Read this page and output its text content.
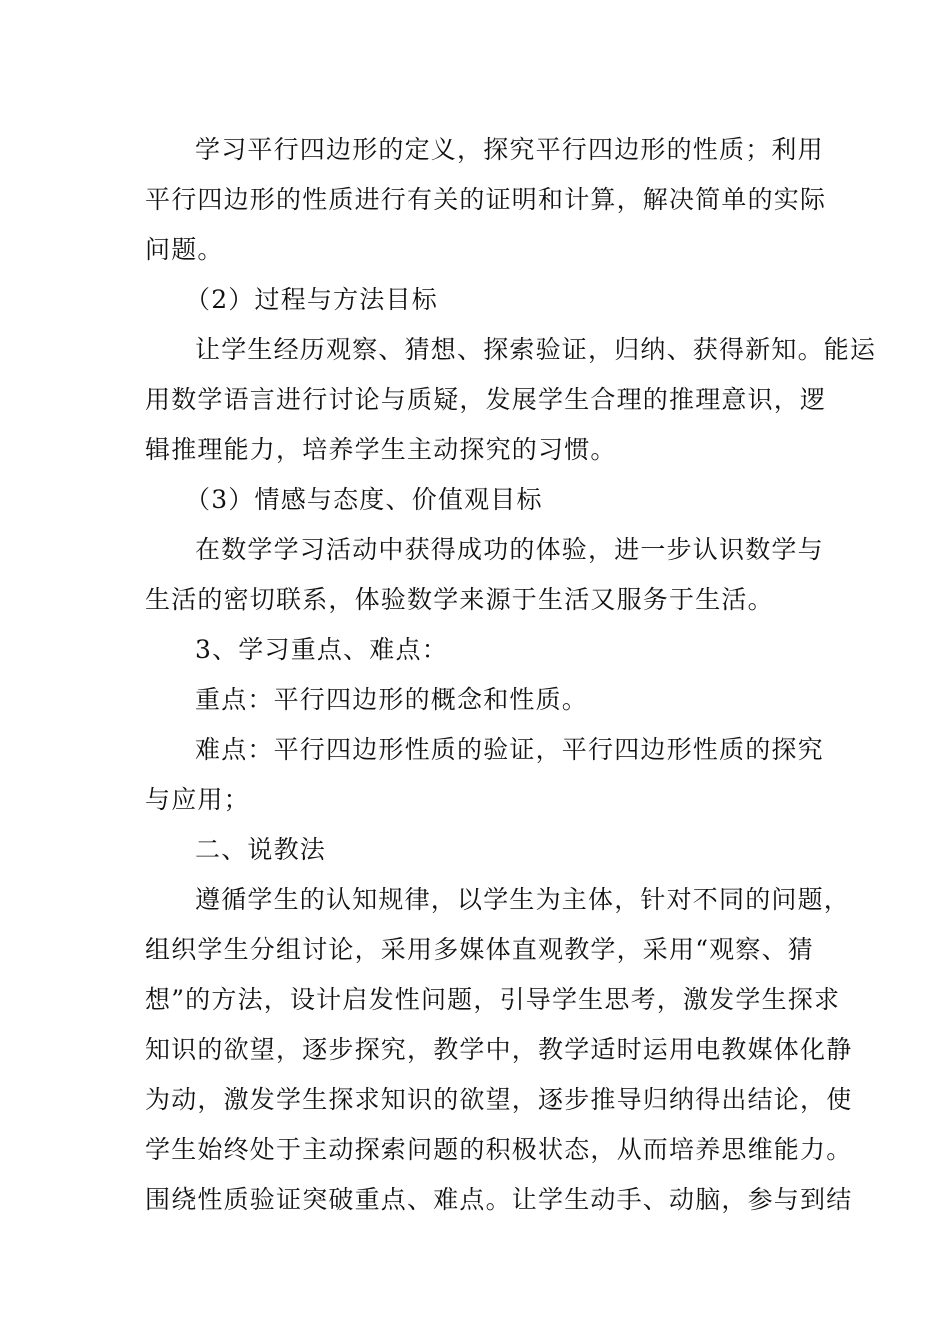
学习平行四边形的定义，探究平行四边形的性质；利用
平行四边形的性质进行有关的证明和计算，解决简单的实际
问题。
（2）过程与方法目标
让学生经历观察、猜想、探索验证，归纳、获得新知。能运
用数学语言进行讨论与质疑，发展学生合理的推理意识，逻
辑推理能力，培养学生主动探究的习惯。
（3）情感与态度、价值观目标
在数学学习活动中获得成功的体验，进一步认识数学与
生活的密切联系，体验数学来源于生活又服务于生活。
3、学习重点、难点：
重点：平行四边形的概念和性质。
难点：平行四边形性质的验证，平行四边形性质的探究
与应用；
二、说教法
遵循学生的认知规律，以学生为主体，针对不同的问题，
组织学生分组讨论，采用多媒体直观教学，采用“观察、猜
想”的方法，设计启发性问题，引导学生思考，激发学生探求
知识的欲望，逐步探究，教学中，教学适时运用电教媒体化静
为动，激发学生探求知识的欲望，逐步推导归纳得出结论，使
学生始终处于主动探索问题的积极状态，从而培养思维能力。
围绕性质验证突破重点、难点。让学生动手、动脑，参与到结
